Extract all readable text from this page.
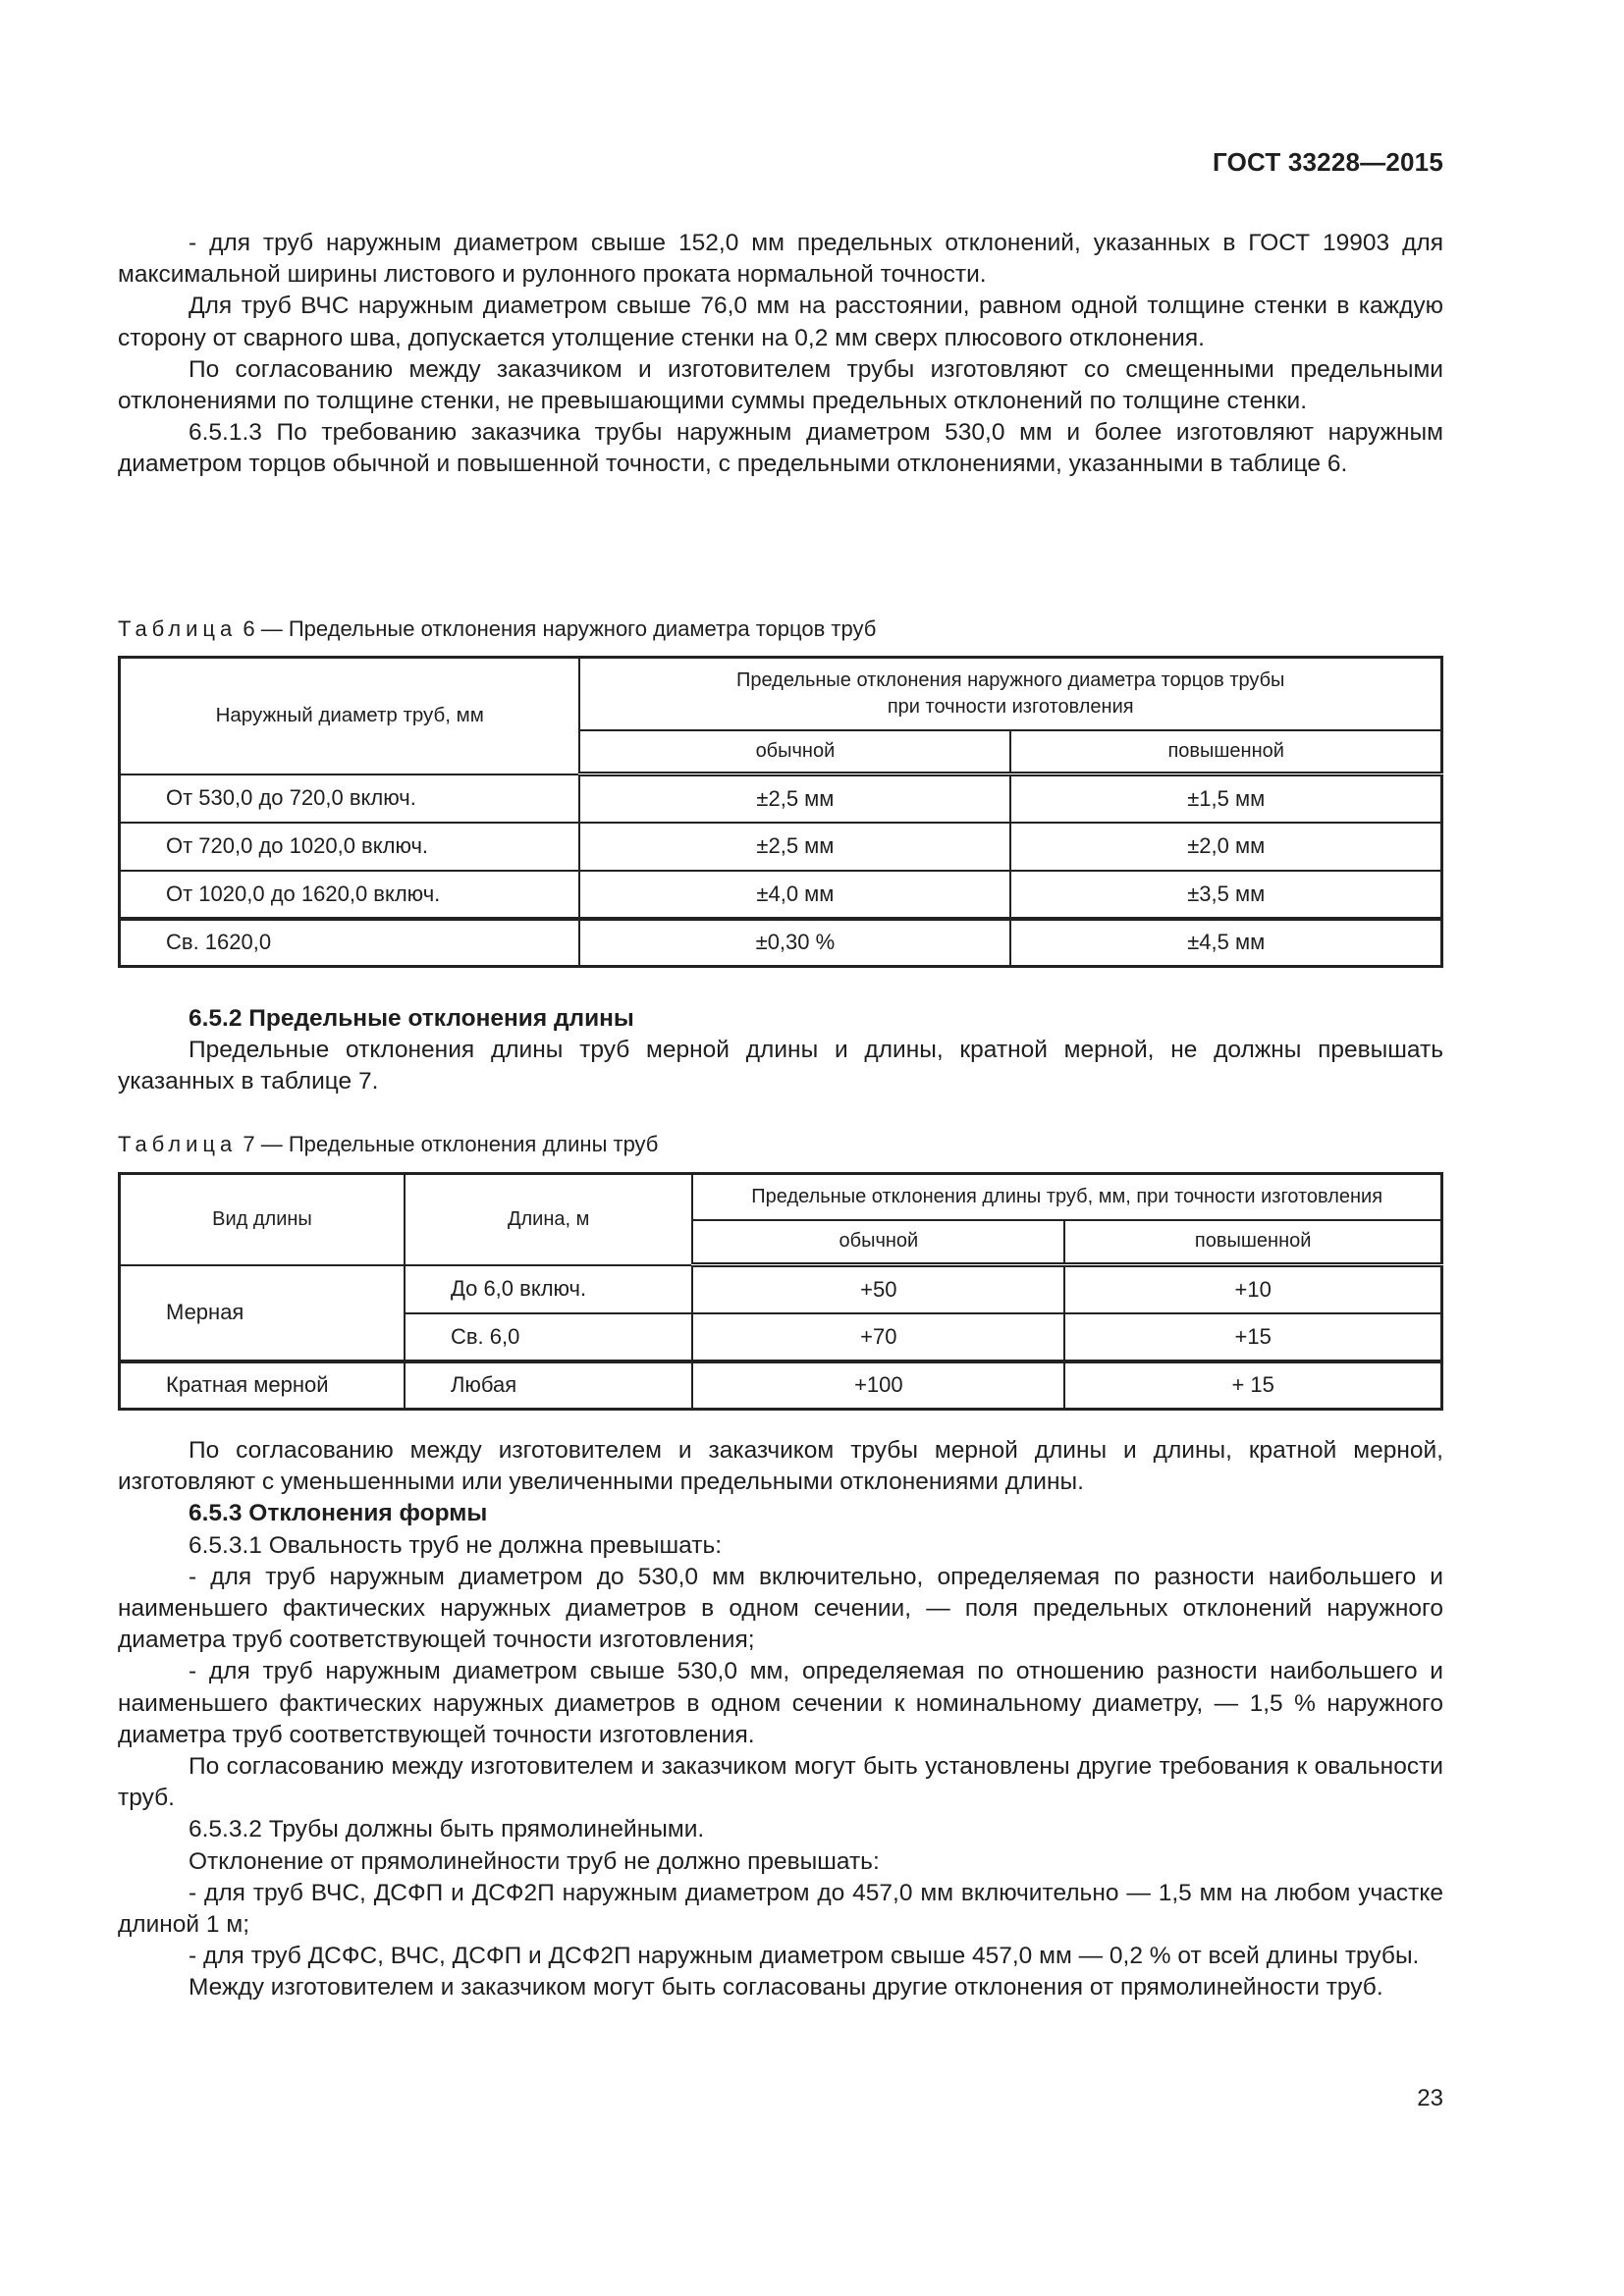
ГОСТ 33228—2015

- для труб наружным диаметром свыше 152,0 мм предельных отклонений, указанных в ГОСТ 19903 для максимальной ширины листового и рулонного проката нормальной точности.

Для труб ВЧС наружным диаметром свыше 76,0 мм на расстоянии, равном одной толщине стенки в каждую сторону от сварного шва, допускается утолщение стенки на 0,2 мм сверх плюсового отклонения.

По согласованию между заказчиком и изготовителем трубы изготовляют со смещенными предельными отклонениями по толщине стенки, не превышающими суммы предельных отклонений по толщине стенки.

6.5.1.3 По требованию заказчика трубы наружным диаметром 530,0 мм и более изготовляют наружным диаметром торцов обычной и повышенной точности, с предельными отклонениями, указанными в таблице 6.

Таблица 6 — Предельные отклонения наружного диаметра торцов труб

Наружный диаметр труб, мм	Предельные отклонения наружного диаметра торцов трубы
при точности изготовления	

	обычной	повышенной
От 530,0 до 720,0 включ.	±2,5 мм	±1,5 мм
От 720,0 до 1020,0 включ.	±2,5 мм	±2,0 мм
От 1020,0 до 1620,0 включ.	±4,0 мм	±3,5 мм
Св. 1620,0	±0,30 %	±4,5 мм

6.5.2 Предельные отклонения длины

Предельные отклонения длины труб мерной длины и длины, кратной мерной, не должны превышать указанных в таблице 7.

Таблица 7 — Предельные отклонения длины труб

Вид длины	Длина, м	Предельные отклонения длины труб, мм, при точности изготовления	
		обычной	повышенной
Мерная	До 6,0 включ.	+50	+10
	Св. 6,0	+70	+15
Кратная мерной	Любая	+100	+ 15

По согласованию между изготовителем и заказчиком трубы мерной длины и длины, кратной мерной, изготовляют с уменьшенными или увеличенными предельными отклонениями длины.

6.5.3 Отклонения формы

6.5.3.1 Овальность труб не должна превышать:

- для труб наружным диаметром до 530,0 мм включительно, определяемая по разности наибольшего и наименьшего фактических наружных диаметров в одном сечении, — поля предельных отклонений наружного диаметра труб соответствующей точности изготовления;

- для труб наружным диаметром свыше 530,0 мм, определяемая по отношению разности наибольшего и наименьшего фактических наружных диаметров в одном сечении к номинальному диаметру, — 1,5 % наружного диаметра труб соответствующей точности изготовления.

По согласованию между изготовителем и заказчиком могут быть установлены другие требования к овальности труб.

6.5.3.2 Трубы должны быть прямолинейными.

Отклонение от прямолинейности труб не должно превышать:

- для труб ВЧС, ДСФП и ДСФ2П наружным диаметром до 457,0 мм включительно — 1,5 мм на любом участке длиной 1 м;

- для труб ДСФС, ВЧС, ДСФП и ДСФ2П наружным диаметром свыше 457,0 мм — 0,2 % от всей длины трубы.

Между изготовителем и заказчиком могут быть согласованы другие отклонения от прямолинейности труб.

23
